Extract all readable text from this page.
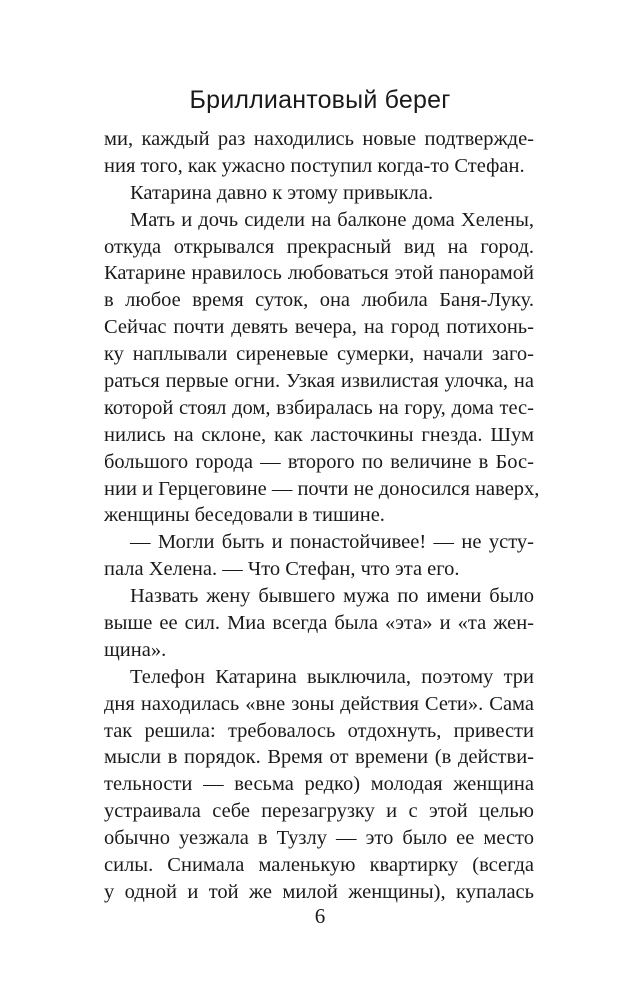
Бриллиантовый берег
ми, каждый раз находились новые подтвержде-
ния того, как ужасно поступил когда-то Стефан.
Катарина давно к этому привыкла.
Мать и дочь сидели на балконе дома Хелены,
откуда открывался прекрасный вид на город.
Катарине нравилось любоваться этой панорамой
в любое время суток, она любила Баня-Луку.
Сейчас почти девять вечера, на город потихонь-
ку наплывали сиреневые сумерки, начали заго-
раться первые огни. Узкая извилистая улочка, на
которой стоял дом, взбиралась на гору, дома тес-
нились на склоне, как ласточкины гнезда. Шум
большого города — второго по величине в Бос-
нии и Герцеговине — почти не доносился наверх,
женщины беседовали в тишине.
— Могли быть и понастойчивее! — не усту-
пала Хелена. — Что Стефан, что эта его.
Назвать жену бывшего мужа по имени было
выше ее сил. Миа всегда была «эта» и «та жен-
щина».
Телефон Катарина выключила, поэтому три
дня находилась «вне зоны действия Сети». Сама
так решила: требовалось отдохнуть, привести
мысли в порядок. Время от времени (в действи-
тельности — весьма редко) молодая женщина
устраивала себе перезагрузку и с этой целью
обычно уезжала в Тузлу — это было ее место
силы. Снимала маленькую квартирку (всегда
у одной и той же милой женщины), купалась
6
